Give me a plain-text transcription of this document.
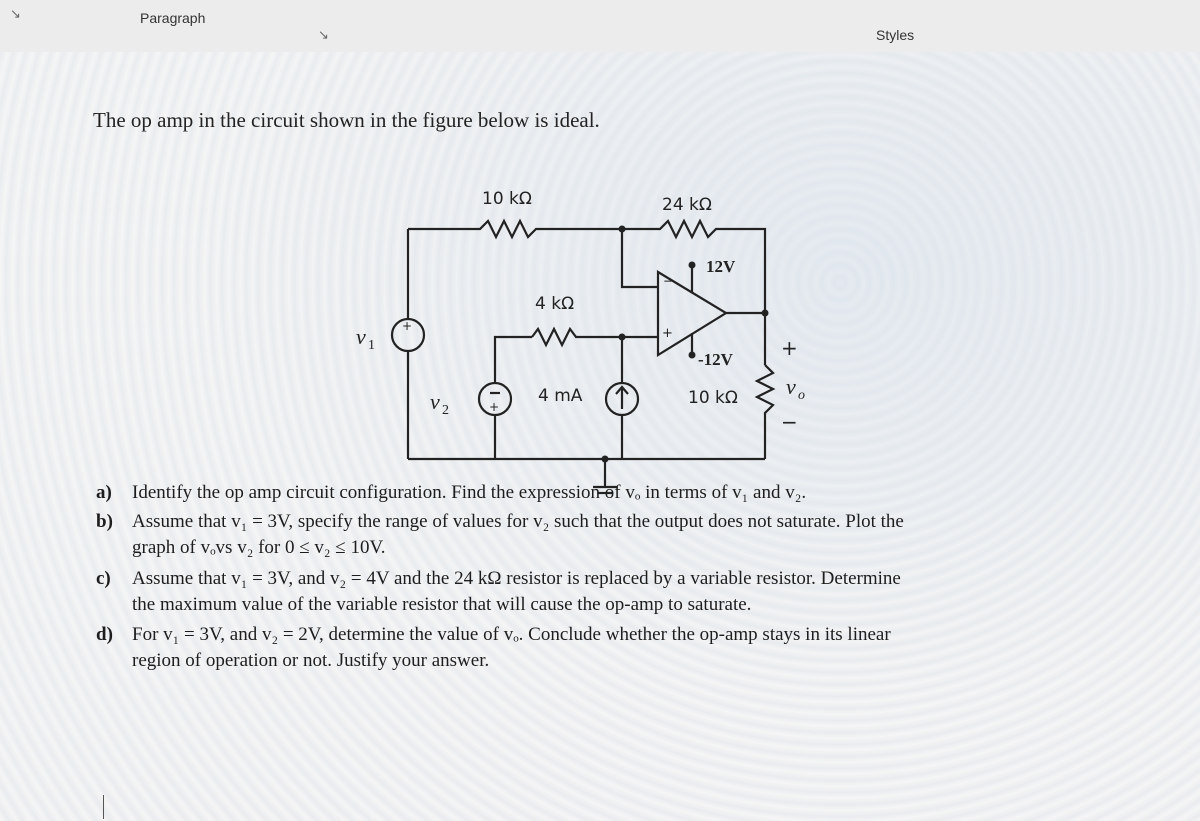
↘	Paragraph
↘	Styles
The op amp in the circuit shown in the figure below is ideal.
10 kΩ	24 kΩ
4 kΩ
12V
-12V
10 kΩ
4 mA
−
+
+
+
+
−
v 1
v 2
v o
a) Identify the op amp circuit configuration. Find the expression of vₒ in terms of v₁ and v₂.
b) Assume that v₁ = 3V, specify the range of values for v₂ such that the output does not saturate. Plot the
graph of vₒvs v₂ for 0 ≤ v₂ ≤ 10V.
c) Assume that v₁ = 3V, and v₂ = 4V and the 24 kΩ resistor is replaced by a variable resistor. Determine
the maximum value of the variable resistor that will cause the op-amp to saturate.
d) For v₁ = 3V, and v₂ = 2V, determine the value of vₒ. Conclude whether the op-amp stays in its linear
region of operation or not. Justify your answer.
